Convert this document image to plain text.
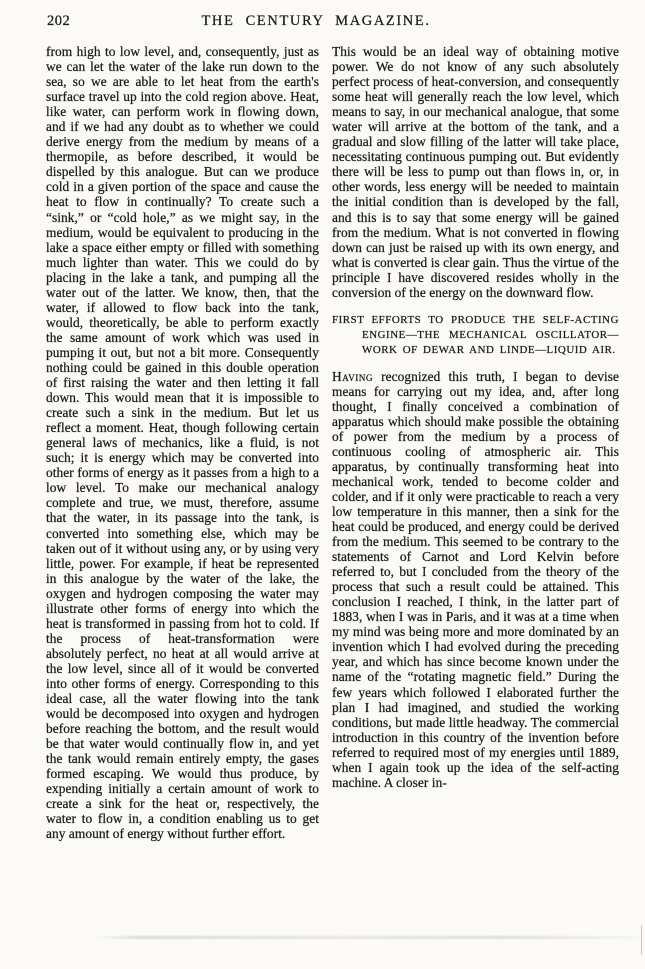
202	THE CENTURY MAGAZINE.

from high to low level, and, consequently, just as we can let the water of the lake run down to the sea, so we are able to let heat from the earth's surface travel up into the cold region above. Heat, like water, can perform work in flowing down, and if we had any doubt as to whether we could derive energy from the medium by means of a thermopile, as before described, it would be dispelled by this analogue. But can we produce cold in a given portion of the space and cause the heat to flow in continually? To create such a “sink,” or “cold hole,” as we might say, in the medium, would be equivalent to producing in the lake a space either empty or filled with something much lighter than water. This we could do by placing in the lake a tank, and pumping all the water out of the latter. We know, then, that the water, if allowed to flow back into the tank, would, theoretically, be able to perform exactly the same amount of work which was used in pumping it out, but not a bit more. Consequently nothing could be gained in this double operation of first raising the water and then letting it fall down. This would mean that it is impossible to create such a sink in the medium. But let us reflect a moment. Heat, though following certain general laws of mechanics, like a fluid, is not such; it is energy which may be converted into other forms of energy as it passes from a high to a low level. To make our mechanical analogy complete and true, we must, therefore, assume that the water, in its passage into the tank, is converted into something else, which may be taken out of it without using any, or by using very little, power. For example, if heat be represented in this analogue by the water of the lake, the oxygen and hydrogen composing the water may illustrate other forms of energy into which the heat is transformed in passing from hot to cold. If the process of heat-transformation were absolutely perfect, no heat at all would arrive at the low level, since all of it would be converted into other forms of energy. Corresponding to this ideal case, all the water flowing into the tank would be decomposed into oxygen and hydrogen before reaching the bottom, and the result would be that water would continually flow in, and yet the tank would remain entirely empty, the gases formed escaping. We would thus produce, by expending initially a certain amount of work to create a sink for the heat or, respectively, the water to flow in, a condition enabling us to get any amount of energy without further effort.

This would be an ideal way of obtaining motive power. We do not know of any such absolutely perfect process of heat-conversion, and consequently some heat will generally reach the low level, which means to say, in our mechanical analogue, that some water will arrive at the bottom of the tank, and a gradual and slow filling of the latter will take place, necessitating continuous pumping out. But evidently there will be less to pump out than flows in, or, in other words, less energy will be needed to maintain the initial condition than is developed by the fall, and this is to say that some energy will be gained from the medium. What is not converted in flowing down can just be raised up with its own energy, and what is converted is clear gain. Thus the virtue of the principle I have discovered resides wholly in the conversion of the energy on the downward flow.

FIRST EFFORTS TO PRODUCE THE SELF-ACTING ENGINE—THE MECHANICAL OSCILLATOR—WORK OF DEWAR AND LINDE—LIQUID AIR.

Having recognized this truth, I began to devise means for carrying out my idea, and, after long thought, I finally conceived a combination of apparatus which should make possible the obtaining of power from the medium by a process of continuous cooling of atmospheric air. This apparatus, by continually transforming heat into mechanical work, tended to become colder and colder, and if it only were practicable to reach a very low temperature in this manner, then a sink for the heat could be produced, and energy could be derived from the medium. This seemed to be contrary to the statements of Carnot and Lord Kelvin before referred to, but I concluded from the theory of the process that such a result could be attained. This conclusion I reached, I think, in the latter part of 1883, when I was in Paris, and it was at a time when my mind was being more and more dominated by an invention which I had evolved during the preceding year, and which has since become known under the name of the “rotating magnetic field.” During the few years which followed I elaborated further the plan I had imagined, and studied the working conditions, but made little headway. The commercial introduction in this country of the invention before referred to required most of my energies until 1889, when I again took up the idea of the self-acting machine. A closer in-
